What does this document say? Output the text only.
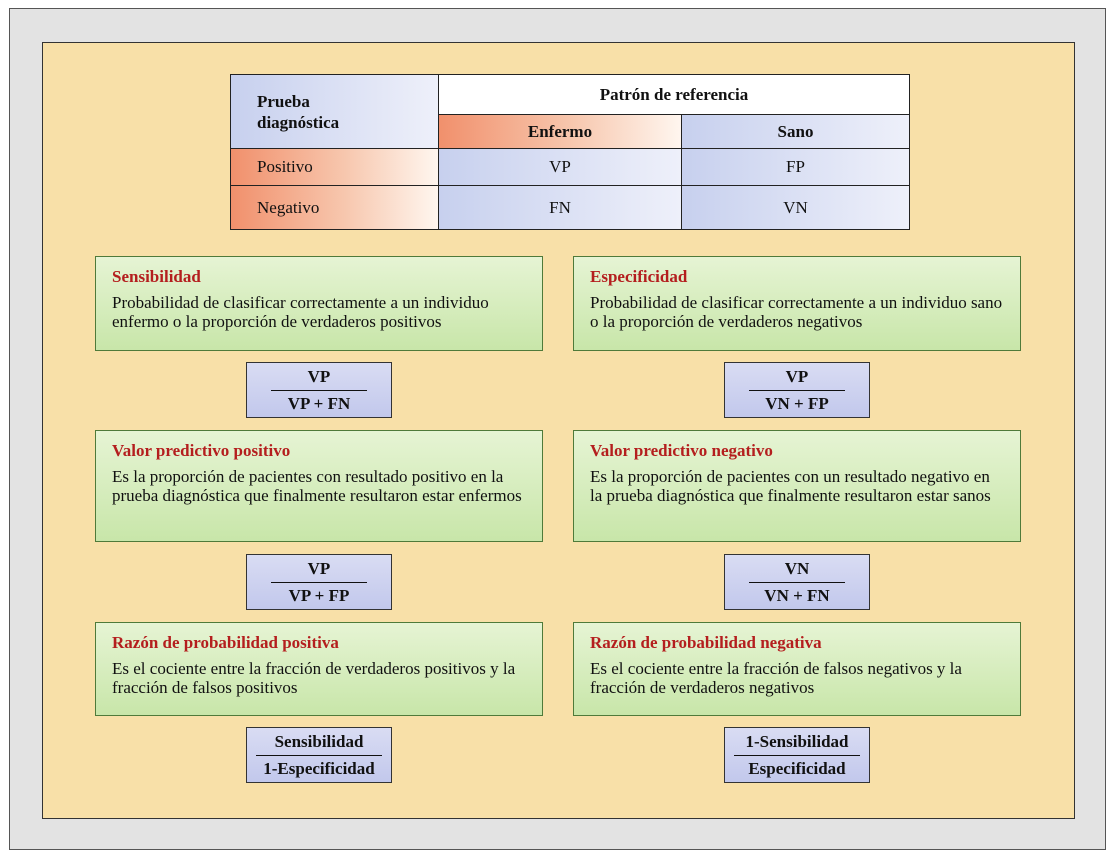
Prueba diagnóstica
Patrón de referencia
Enfermo	Sano
Positivo	VP	FP
Negativo	FN	VN
Sensibilidad
Probabilidad de clasificar correctamente a un individuo enfermo o la proporción de verdaderos positivos
Especificidad
Probabilidad de clasificar correctamente a un individuo sano o la proporción de verdaderos negativos
VP
VP + FN
VP
VN + FP
Valor predictivo positivo
Es la proporción de pacientes con resultado positivo en la prueba diagnóstica que finalmente resultaron estar enfermos
Valor predictivo negativo
Es la proporción de pacientes con un resultado negativo en la prueba diagnóstica que finalmente resultaron estar sanos
VP
VP + FP
VN
VN + FN
Razón de probabilidad positiva
Es el cociente entre la fracción de verdaderos positivos y la fracción de falsos positivos
Razón de probabilidad negativa
Es el cociente entre la fracción de falsos negativos y la fracción de verdaderos negativos
Sensibilidad
1-Especificidad
1-Sensibilidad
Especificidad
